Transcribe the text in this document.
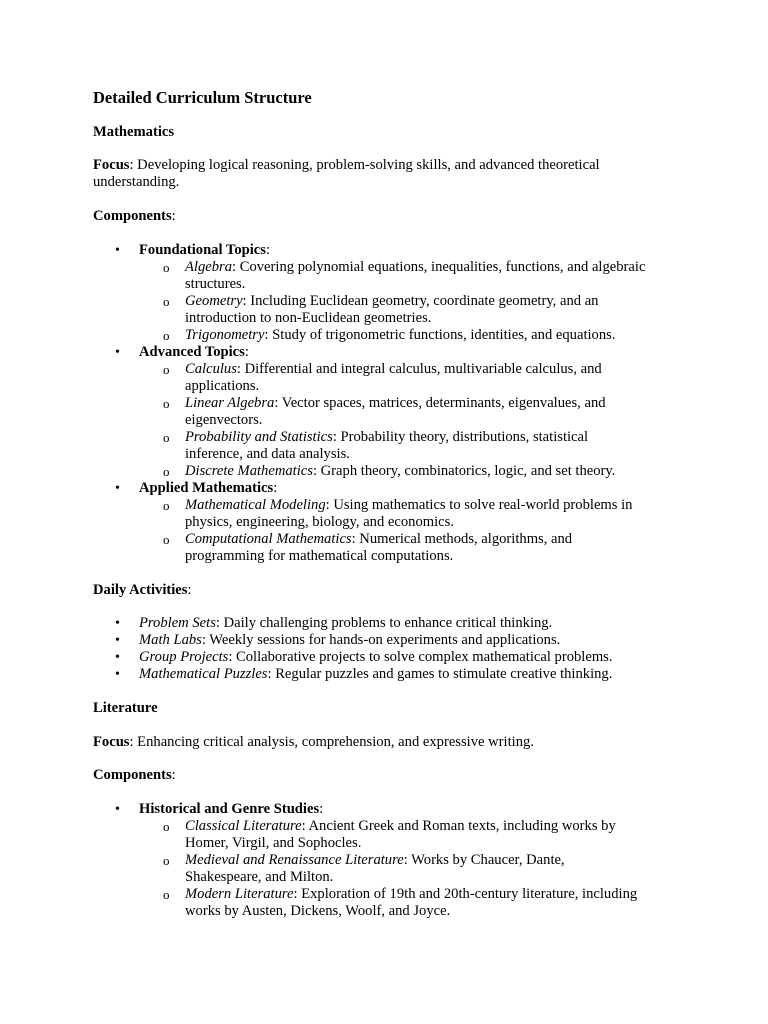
Detailed Curriculum Structure
Mathematics
Focus: Developing logical reasoning, problem-solving skills, and advanced theoretical
understanding.
Components:
• Foundational Topics:
o Algebra: Covering polynomial equations, inequalities, functions, and algebraic
structures.
o Geometry: Including Euclidean geometry, coordinate geometry, and an
introduction to non-Euclidean geometries.
o Trigonometry: Study of trigonometric functions, identities, and equations.
• Advanced Topics:
o Calculus: Differential and integral calculus, multivariable calculus, and
applications.
o Linear Algebra: Vector spaces, matrices, determinants, eigenvalues, and
eigenvectors.
o Probability and Statistics: Probability theory, distributions, statistical
inference, and data analysis.
o Discrete Mathematics: Graph theory, combinatorics, logic, and set theory.
• Applied Mathematics:
o Mathematical Modeling: Using mathematics to solve real-world problems in
physics, engineering, biology, and economics.
o Computational Mathematics: Numerical methods, algorithms, and
programming for mathematical computations.
Daily Activities:
• Problem Sets: Daily challenging problems to enhance critical thinking.
• Math Labs: Weekly sessions for hands-on experiments and applications.
• Group Projects: Collaborative projects to solve complex mathematical problems.
• Mathematical Puzzles: Regular puzzles and games to stimulate creative thinking.
Literature
Focus: Enhancing critical analysis, comprehension, and expressive writing.
Components:
• Historical and Genre Studies:
o Classical Literature: Ancient Greek and Roman texts, including works by
Homer, Virgil, and Sophocles.
o Medieval and Renaissance Literature: Works by Chaucer, Dante,
Shakespeare, and Milton.
o Modern Literature: Exploration of 19th and 20th-century literature, including
works by Austen, Dickens, Woolf, and Joyce.
